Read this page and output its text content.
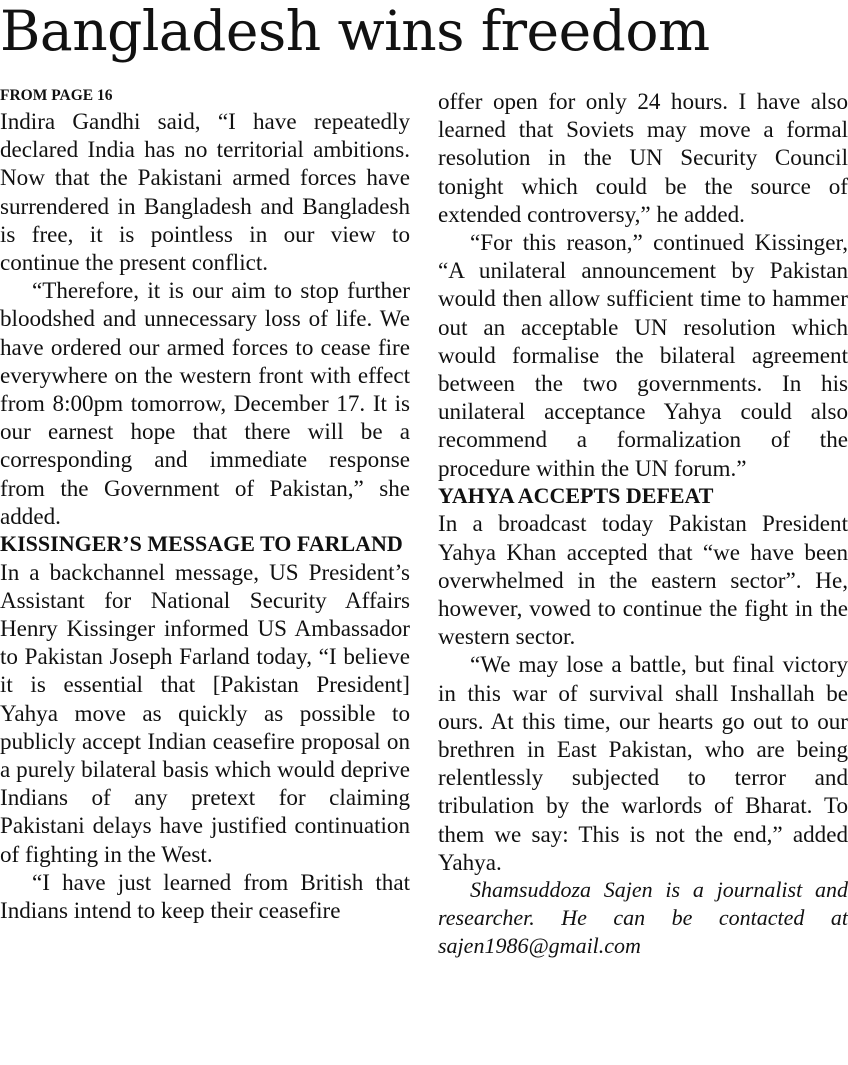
Bangladesh wins freedom

FROM PAGE 16

Indira Gandhi said, “I have repeatedly declared India has no territorial ambitions. Now that the Pakistani armed forces have surrendered in Bangladesh and Bangladesh is free, it is pointless in our view to continue the present conflict.

“Therefore, it is our aim to stop further bloodshed and unnecessary loss of life. We have ordered our armed forces to cease fire everywhere on the western front with effect from 8:00pm tomorrow, December 17. It is our earnest hope that there will be a corresponding and immediate response from the Government of Pakistan,” she added.

KISSINGER’S MESSAGE TO FARLAND

In a backchannel message, US President’s Assistant for National Security Affairs Henry Kissinger informed US Ambassador to Pakistan Joseph Farland today, “I believe it is essential that [Pakistan President] Yahya move as quickly as possible to publicly accept Indian ceasefire proposal on a purely bilateral basis which would deprive Indians of any pretext for claiming Pakistani delays have justified continuation of fighting in the West.

“I have just learned from British that Indians intend to keep their ceasefire

offer open for only 24 hours. I have also learned that Soviets may move a formal resolution in the UN Security Council tonight which could be the source of extended controversy,” he added.

“For this reason,” continued Kissinger, “A unilateral announcement by Pakistan would then allow sufficient time to hammer out an acceptable UN resolution which would formalise the bilateral agreement between the two governments. In his unilateral acceptance Yahya could also recommend a formalization of the procedure within the UN forum.”

YAHYA ACCEPTS DEFEAT

In a broadcast today Pakistan President Yahya Khan accepted that “we have been overwhelmed in the eastern sector”. He, however, vowed to continue the fight in the western sector.

“We may lose a battle, but final victory in this war of survival shall Inshallah be ours. At this time, our hearts go out to our brethren in East Pakistan, who are being relentlessly subjected to terror and tribulation by the warlords of Bharat. To them we say: This is not the end,” added Yahya.

Shamsuddoza Sajen is a journalist and researcher. He can be contacted at sajen1986@gmail.com
